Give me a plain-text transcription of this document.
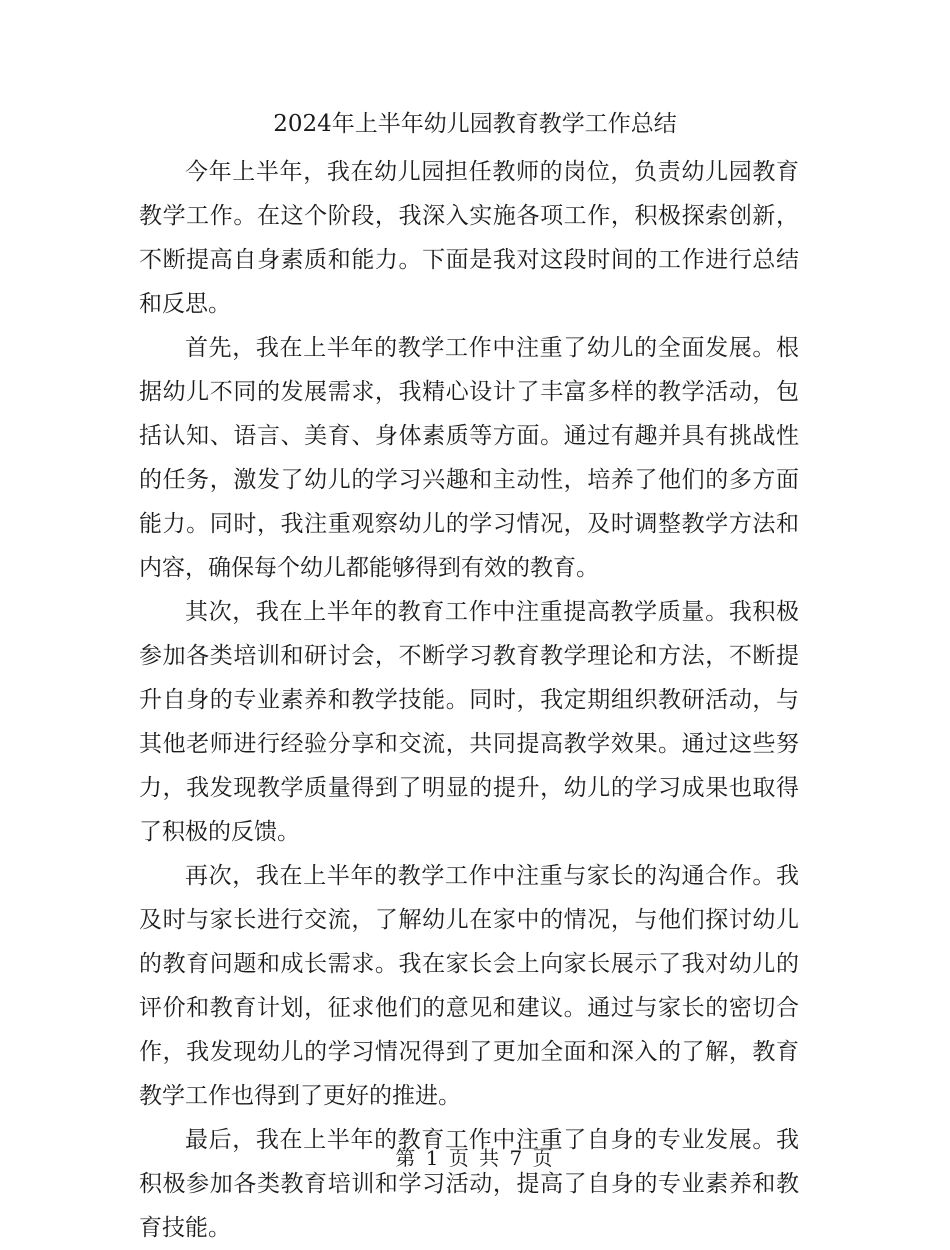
2024年上半年幼儿园教育教学工作总结

今年上半年，我在幼儿园担任教师的岗位，负责幼儿园教育教学工作。在这个阶段，我深入实施各项工作，积极探索创新，不断提高自身素质和能力。下面是我对这段时间的工作进行总结和反思。

首先，我在上半年的教学工作中注重了幼儿的全面发展。根据幼儿不同的发展需求，我精心设计了丰富多样的教学活动，包括认知、语言、美育、身体素质等方面。通过有趣并具有挑战性的任务，激发了幼儿的学习兴趣和主动性，培养了他们的多方面能力。同时，我注重观察幼儿的学习情况，及时调整教学方法和内容，确保每个幼儿都能够得到有效的教育。

其次，我在上半年的教育工作中注重提高教学质量。我积极参加各类培训和研讨会，不断学习教育教学理论和方法，不断提升自身的专业素养和教学技能。同时，我定期组织教研活动，与其他老师进行经验分享和交流，共同提高教学效果。通过这些努力，我发现教学质量得到了明显的提升，幼儿的学习成果也取得了积极的反馈。

再次，我在上半年的教学工作中注重与家长的沟通合作。我及时与家长进行交流，了解幼儿在家中的情况，与他们探讨幼儿的教育问题和成长需求。我在家长会上向家长展示了我对幼儿的评价和教育计划，征求他们的意见和建议。通过与家长的密切合作，我发现幼儿的学习情况得到了更加全面和深入的了解，教育教学工作也得到了更好的推进。

最后，我在上半年的教育工作中注重了自身的专业发展。我积极参加各类教育培训和学习活动，提高了自身的专业素养和教育技能。

第 1 页 共 7 页
